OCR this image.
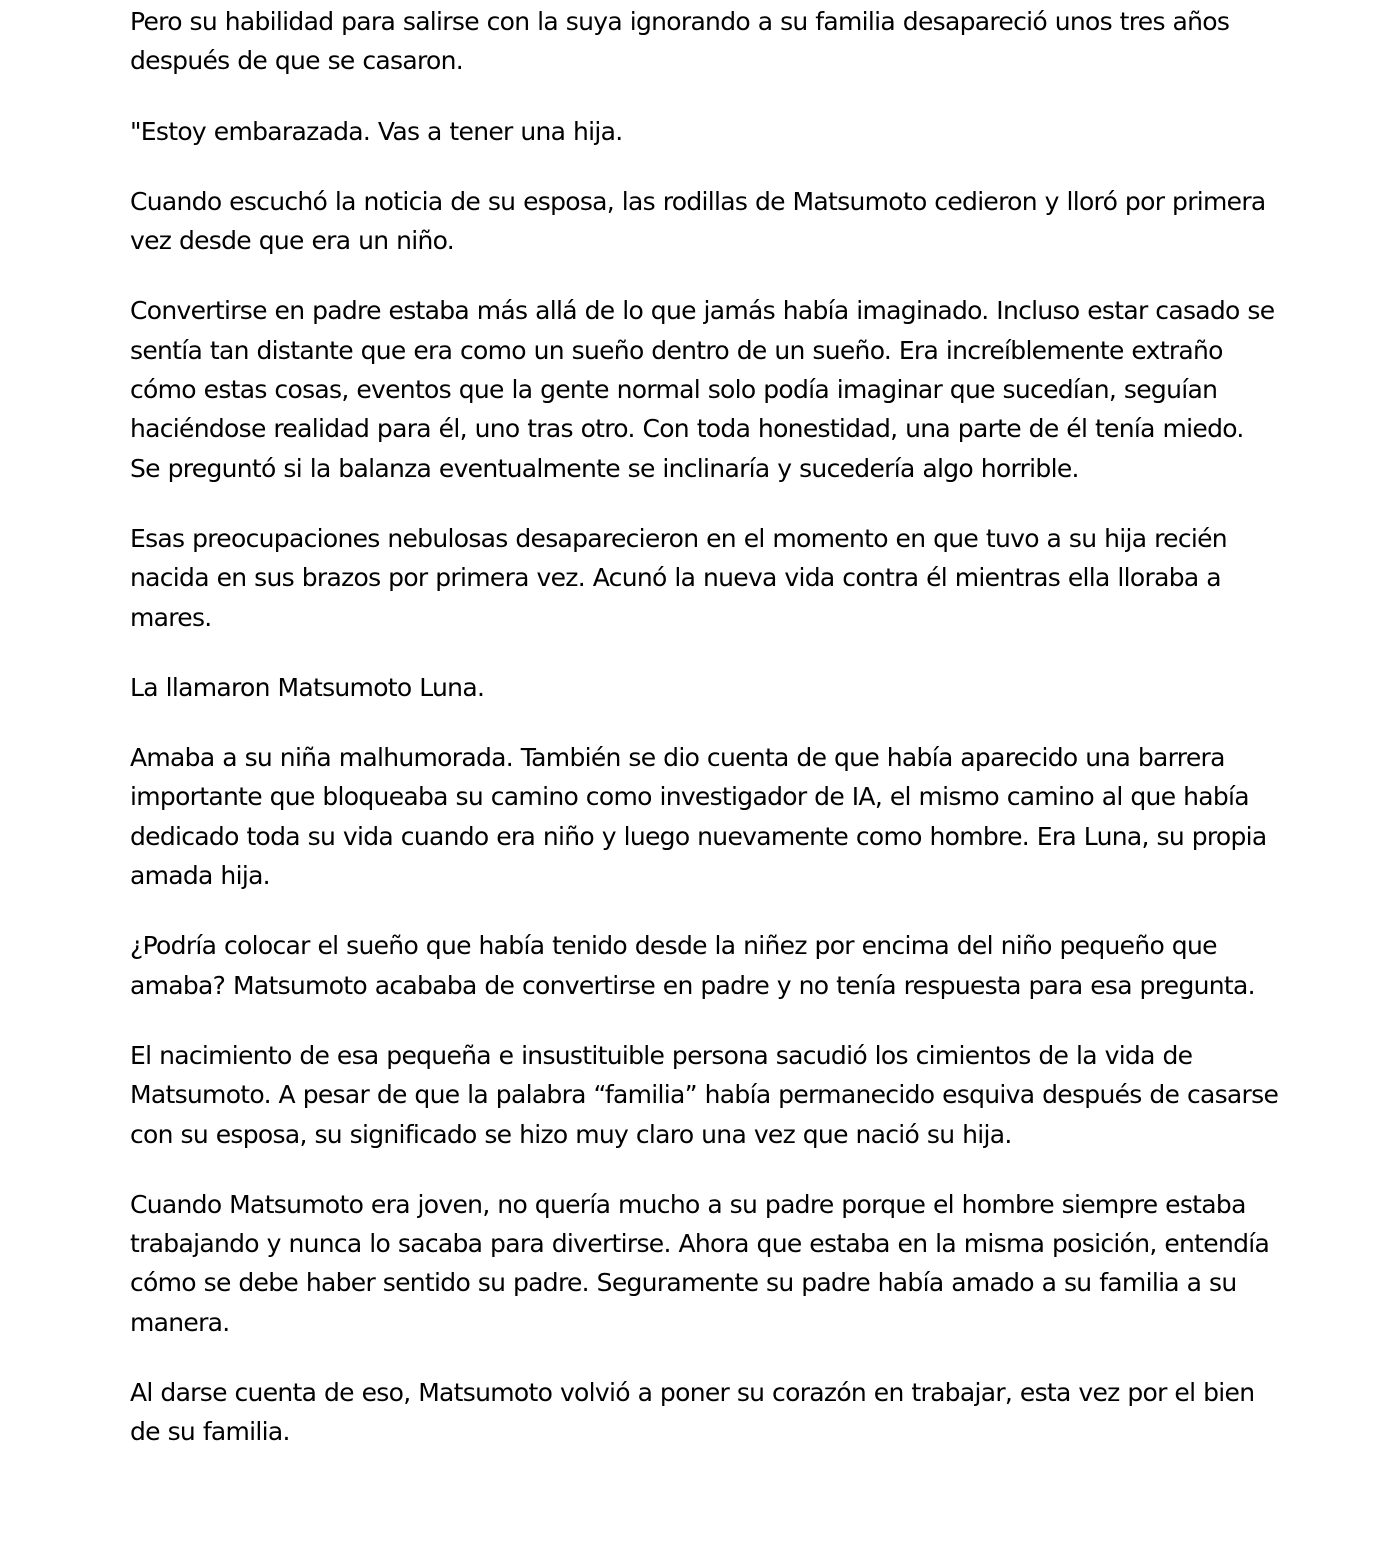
Pero su habilidad para salirse con la suya ignorando a su familia desapareció unos tres años después de que se casaron.

"Estoy embarazada. Vas a tener una hija.

Cuando escuchó la noticia de su esposa, las rodillas de Matsumoto cedieron y lloró por primera vez desde que era un niño.

Convertirse en padre estaba más allá de lo que jamás había imaginado. Incluso estar casado se sentía tan distante que era como un sueño dentro de un sueño. Era increíblemente extraño cómo estas cosas, eventos que la gente normal solo podía imaginar que sucedían, seguían haciéndose realidad para él, uno tras otro. Con toda honestidad, una parte de él tenía miedo. Se preguntó si la balanza eventualmente se inclinaría y sucedería algo horrible.

Esas preocupaciones nebulosas desaparecieron en el momento en que tuvo a su hija recién nacida en sus brazos por primera vez. Acunó la nueva vida contra él mientras ella lloraba a mares.

La llamaron Matsumoto Luna.

Amaba a su niña malhumorada. También se dio cuenta de que había aparecido una barrera importante que bloqueaba su camino como investigador de IA, el mismo camino al que había dedicado toda su vida cuando era niño y luego nuevamente como hombre. Era Luna, su propia amada hija.

¿Podría colocar el sueño que había tenido desde la niñez por encima del niño pequeño que amaba? Matsumoto acababa de convertirse en padre y no tenía respuesta para esa pregunta.

El nacimiento de esa pequeña e insustituible persona sacudió los cimientos de la vida de Matsumoto. A pesar de que la palabra “familia” había permanecido esquiva después de casarse con su esposa, su significado se hizo muy claro una vez que nació su hija.

Cuando Matsumoto era joven, no quería mucho a su padre porque el hombre siempre estaba trabajando y nunca lo sacaba para divertirse. Ahora que estaba en la misma posición, entendía cómo se debe haber sentido su padre. Seguramente su padre había amado a su familia a su manera.

Al darse cuenta de eso, Matsumoto volvió a poner su corazón en trabajar, esta vez por el bien de su familia.
